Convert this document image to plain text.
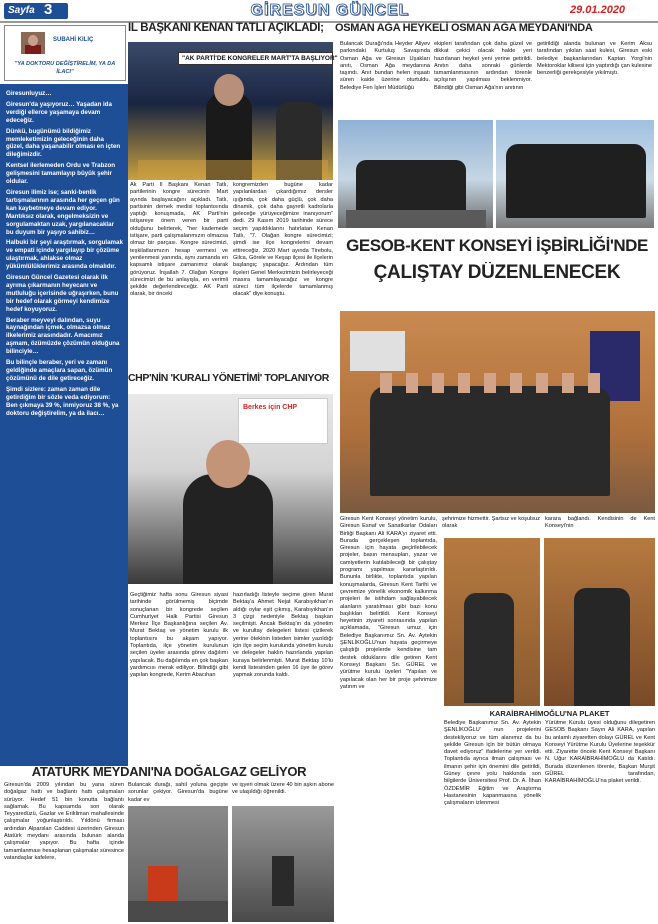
Sayfa 3	GİRESUN GÜNCEL	29.01.2020
SUBAHİ KILIÇ
"YA DOKTORU DEĞİŞTİRELİM, YA DA İLACI"

Giresunluyuz…

Giresun'da yaşıyoruz… Yaşadan ida verdiği ellerce yaşamaya devam edeceğiz.

Dünkü, bugünümü bildiğimiz memleketimizin geleceğinin daha güzel, daha yaşanabilir olması en içten dileğimizdir.

Kentsel ilerlemeden Ordu ve Trabzon gelişmesini tamamlayıp büyük şehir oldular.

Giresun ilimiz ise; sanki-benlik tartışmalarının arasında her geçen gün kan kaybetmeye devam ediyor. Mantıksız olarak, engelmeksizin ve sorgulamaktan uzak, yargılanacaklar bu duyum bir yaşıyo sahibiz…

Halbuki bir şeyi araştırmak, sorgulamak ve empati içinde yargılayıp bir çözüme ulaştırmak, ahlakse olmaz yükümlülüklerimiz arasında olmalıdır.

Giresun Güncel Gazetesi olarak ilk ayrıma çıkarmanın heyecanı ve mutluluğu içerisinde uğraşırken, bunu bir hedef olarak görmeyi kendimize hedef koyuyoruz.

Beraber meyveyi dalından, suyu kaynağından içmek, olmazsa olmaz ilkelerimiz arasındadır. Amacımız aşmam, özümüzde çözümün olduğuna bilinciyle…

Bu bilinçle beraber, yeri ve zamanı geldiğinde amaçlara sapan, özümün çözümünü de dile getireceğiz.

Şimdi sizlere: zaman zaman dile getirdiğim bir sözle veda ediyorum: Ben çıkmaya 39 %, inmiyoruz 38 %, ya doktoru değiştirelim, ya da ilacı…

İL BAŞKANI KENAN TATLI AÇIKLADI;
"AK PARTİ'DE KONGRELER MART'TA BAŞLIYOR"
Ak Parti İl Başkanı Kenan Tatlı, partilerinin kongre sürecinin Mart ayında başlayacağını açıkladı. Tatlı, partisinin dernek medisi toplantısında yaptığı konuşmada, AK Parti'nin istişareye önem veren bir parti olduğunu belirterek, "her kademede istişare, parti çalışmalarımızın olmazsa olmaz bir parçası. Kongre sürecimizi, teşkilatlarımızın hesap vermesi ve yenilenmesi yanında, aynı zamanda en kapsamlı istişare zamanımız olarak görüyoruz. İnşallah 7. Olağan Kongre sürecimizi de bu anlayışla, en verimli şekilde değerlendireceğiz. AK Parti olarak, bir önceki
kongremizden bugüne kadar yapılanlardan çıkardığımız dersler ışığında, çok daha güçlü, çok daha dinamik, çok daha gayretli kadrolarla geleceğe yürüyeceğimize inanıyorum" dedi. 29 Kasım 2019 tarihinde sürece seçim yapıldıklarını hatırlatan Kenan Tatlı, "7. Olağan kongre sürecimizi; şimdi ise ilçe kongrelerini devam ettireceğiz. 2020 Mart ayında Tirebolu, Gilca, Görele ve Keşap ilçesi ile ilçelerin başlangıç yapacağız. Ardından tüm ilçeleri Genel Merkezimizin belirleyeceği masıra tamamlayacağız ve kongre süreci tüm ilçelerde tamamlanmış olacak" diye konuştu.
OSMAN AĞA HEYKELİ OSMAN AĞA MEYDANI'NDA
Bulancak Durağı'nda Heyder Aliyev parkındaki Kurtuluş Savaşında Osman Ağa ve Giresun Uşakları anıtı, Osman Ağa meydanına taşındı. Anıt bundan helen inşaatı süren kaide üzerine oturtuldu. Belediye Fen İşleri Müdürlüğü
ekipleri tarafından çok daha güzel ve dikkat çekici olacak halde yeri hazırlanan heykel yeni yerine getirildi. Anıtın daha sonraki günlerde tamamlanmasının ardından törenle açılışının yapılması beklenmiyor. Bilindiği gibi Osman Ağa'nın anıtının
getirildiği alanda bulunan ve Kerim Aksu tarafından yıkılan saat kulesi, Giresun eski belediye başkanlarından Kaptan Yorgi'nin Mektoroklar kilisesi için yaptırdığı çan kulesine benzerliği gerekçesiyle yıkılmıştı.
GESOB-KENT KONSEYİ İŞBİRLİĞİ'NDE
ÇALIŞTAY DÜZENLENECEK
Giresun Kent Konseyi yönetim kurulu, Giresun Esnaf ve Sanatkarlar Odaları Birliği Başkanı Ali KARA'yı ziyaret etti. Burada gerçekleşen toplantıda, Giresun için hayata geçirilebilecek projeler, basın mensupları, yazar ve camiyetlerin katılabileceği bir çalıştay programı yapılması kararlaştırıldı. Bununla birlikte, toplantıda yapılan konuşmalarda, Giresun Kent Tarihi ve çevremize yönelik ekonomik kalkınma projeleri ile istihdam sağlayabilecek alanların yaratılması gibi bazı konu başlıkları belirtildi. Kent Konseyi heyetinin ziyareti sonrasında yapılan açıklamada, "Giresun umuz için Belediye Başkanımız Sn. Av. Aytekin ŞENLİKOĞLU'nun hayata geçirmeye çalıştığı projelerde kendisine tam destek olduklarını dile getiren Kent Konseyi Başkanı Sn. GÜREL ve yürütme kurulu üyeleri "Yapılan ve yapılacak olan her bir proje şehrimize yatırım ve
şehrimize hizmettir. Şartsız ve koşulsuz olarak
karara bağlandı. Kendisinin de Kent Konseyi'nin
KARAİBRAHİMOĞLU'NA PLAKET
Belediye Başkanımız Sn. Av. Aytekin ŞENLİKOĞLU' nun projelerini destekliyoruz ve tüm alanımız da bu şekilde Giresun için bir bütün olmaya davet ediyoruz" ifadelerine yer verildi. Toplantıda ayrıca ilman çalışması ve ilmanın şehir için önemini dile getirildi, Güney çevre yolu hakkında son bilgilerde Üniversitesi Prof. Dr. A. İlhan ÖZDEMİR Eğitim ve Araştırma Hastanesinin kapanmasına yönelik çalışmaların izlenmesi
Yürütme Kurulu üyesi olduğunu dilegetiren GESOB Başkanı Sayın Ali KARA, yapılan bu anlamlı ziyaretten dolayı GÜREL ve Kent Konseyi Yürütme Kurulu Üyelerine teşekkür etti. Ziyarette önceki Kent Konseyi Başkanı N. Uğur KARAİBRAHİMOĞLU da Katıldı. Burada düzenlenen törenle, Başkan Murşit GÜREL tarafından, KARAİBRAHİMOĞLU'na plaket verildi.
CHP'NİN 'KURALI YÖNETİMİ' TOPLANIYOR
Berkes için CHP
Geçtiğimiz hafta sonu Giresun siyasi tarihinde görülmemiş biçimde sonuçlanan bir kongrede seçilen Cumhuriyet Halk Partisi Giresun Merkez İlçe Başkanlığına seçilen Av. Murat Bektaş ve yönetim kurulu ilk toplantısını bu akşam yapıyor. Toplantıda, ilçe yönetim kurulunun seçilen üyeler arasında görev dağılımı yapılacak. Bu dağılımda en çok başkan yardımcısı merak ediliyor. Bilindiği gibi yapılan kongrede, Kerim Abacıhan
hazırladığı listeyle seçime giren Murat Bektaş'a Ahmet Nejat Karabıyıkhan'ın aldığı oylar eşit çıkmış, Karabıyıkhan'ın 3 çizgi nedeniyle Bektaş başkan seçilmişti. Ancak Bektaş'ın da yönetim ve kurultay delegeleri listesi çizilerek yerine ötekinin listeden isimler yazıldığı için ilçe seçim kurulunda yönetim kurulu ve delegeler haklın hazırlanda yapılan kuraya belirlenmişti. Murat Bektaş 10'lu kendi listesinden gelen 16 üye ile görev yapmak zorunda kaldı.
ATATÜRK MEYDANI'NA DOĞALGAZ GELİYOR
Giresun'da 2009 yılından bu yana süren doğalgaz hattı ve bağlantı hattı çalışmaları sürüyor. Hedef 51 bin konutta bağlantı sağlamak. Bu kapsamda son olarak Teyyaredüzü, Gazlar ve Erikliman mahallesinde çalışmalar yoğunlaştırıldı. Yıldönü firması ardından Alparslan Caddesi üzerinden Giresun Atatürk meydanı arasında bulunan alanda çalışmalar yapıyor. Bu hafta içinde tamamlanması hesaplanan çalışmalar süresince vatandaşlar kafelere,
Bulancak durağı, sahil yoluna geçişte sorunlar çekiyor. Giresun'da bugüne kadar ev
ve işyeri olmak üzere 40 bin aşkın abone ve ulaşıldığı öğrenildi.
